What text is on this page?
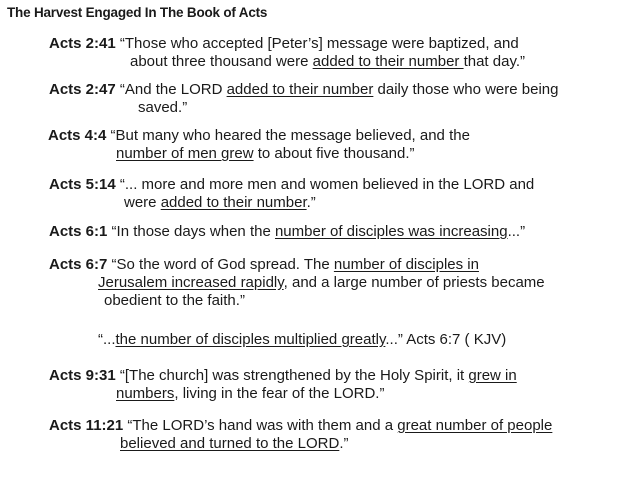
The Harvest Engaged In The Book of Acts
Acts 2:41 “Those who accepted [Peter’s] message were baptized, and
about three thousand were added to their number that day.”
Acts 2:47 “And the LORD added to their number daily those who were being
saved.”
Acts 4:4 “But many who heared the message believed, and the
number of men grew to about five thousand.”
Acts 5:14 “... more and more men and women believed in the LORD and
were added to their number.”
Acts 6:1 “In those days when the number of disciples was increasing...”
Acts 6:7 “So the word of God spread. The number of disciples in
Jerusalem increased rapidly, and a large number of priests became
obedient to the faith.”
“...the number of disciples multiplied greatly...” Acts 6:7 ( KJV)
Acts 9:31 “[The church] was strengthened by the Holy Spirit, it grew in
numbers, living in the fear of the LORD.”
Acts 11:21 “The LORD’s hand was with them and a great number of people
believed and turned to the LORD.”
